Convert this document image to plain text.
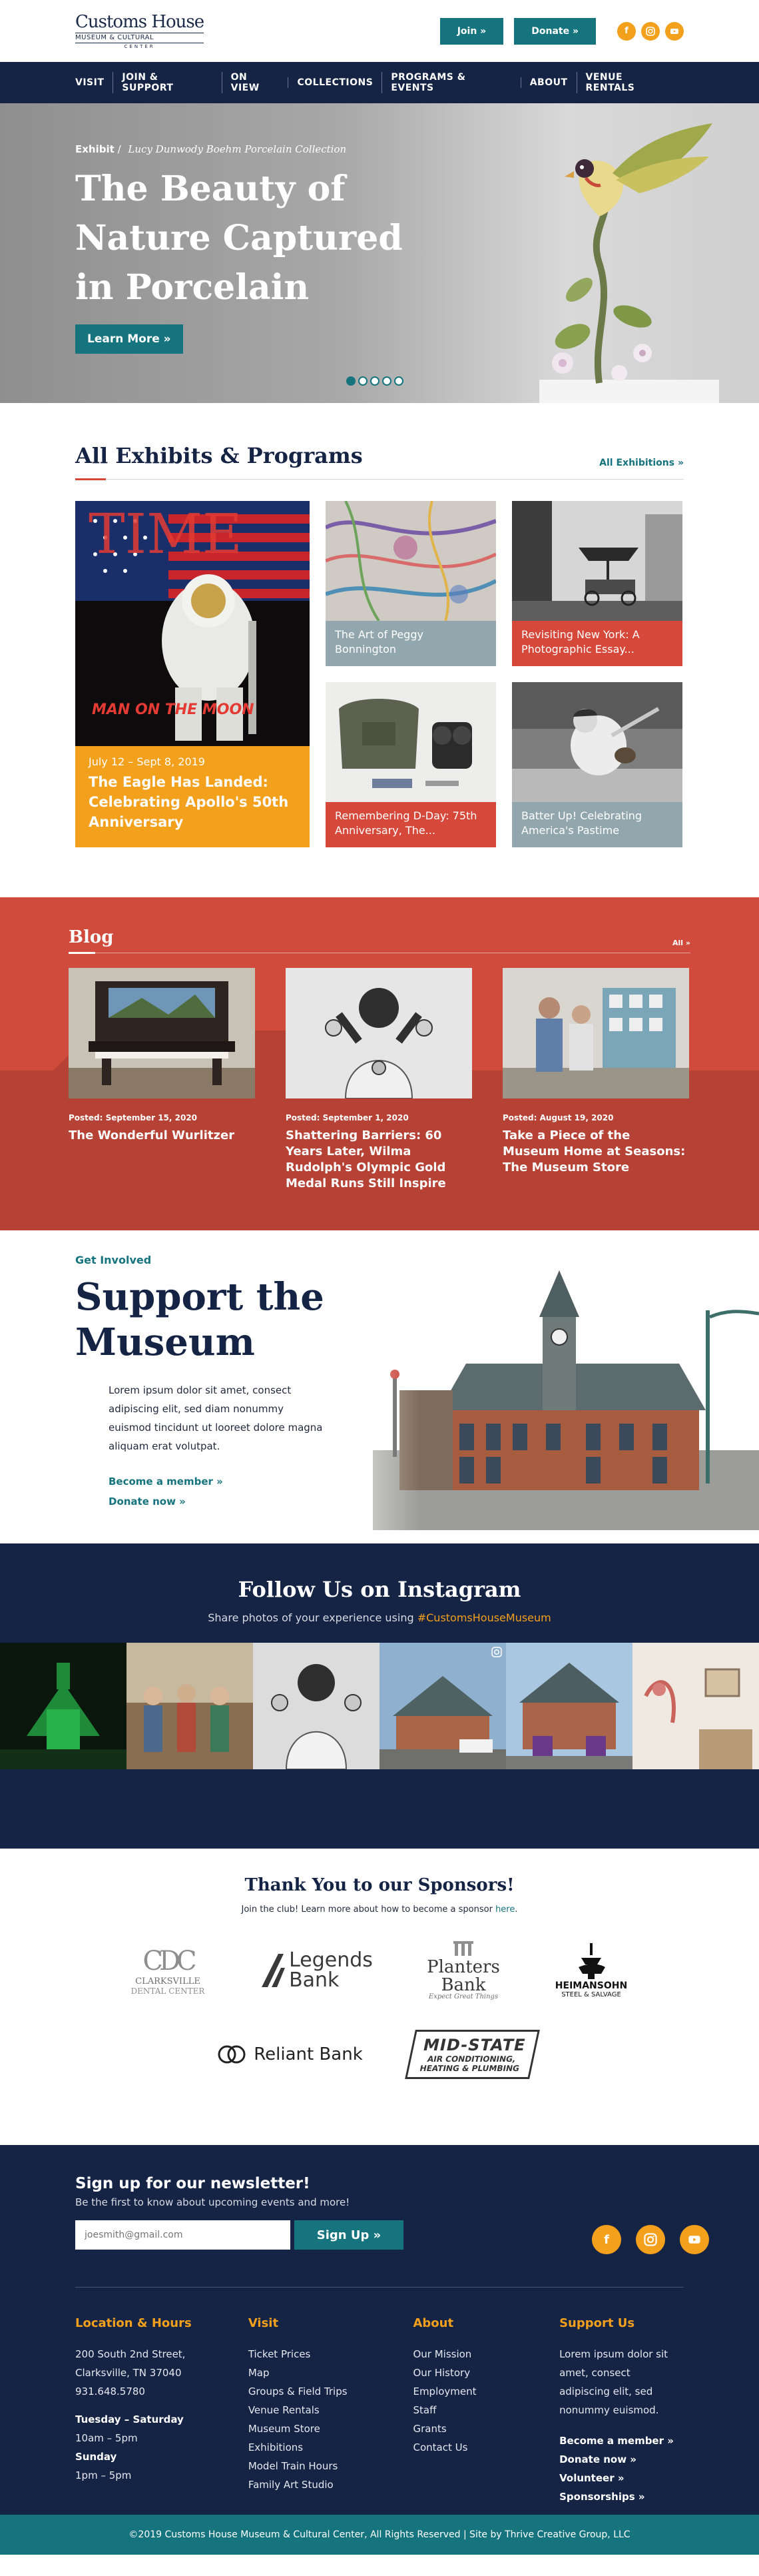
Customs House
MUSEUM & CULTURAL
CENTER
Join »	Donate »	f
VISIT	JOIN & SUPPORT
ON VIEW	COLLECTIONS	PROGRAMS & EVENTS	ABOUT	VENUE RENTALS
Exhibit / Lucy Dunwody Boehm Porcelain Collection
The Beauty of Nature Captured in Porcelain
Learn More »
All Exhibits & Programs	All Exhibitions »
TIME
MAN ON THE MOON
July 12 – Sept 8, 2019
The Eagle Has Landed: Celebrating Apollo's 50th Anniversary
The Art of Peggy Bonnington
Revisiting New York: A Photographic Essay...
Remembering D-Day: 75th Anniversary, The...
Batter Up! Celebrating America's Pastime
Blog	All »
Posted: September 15, 2020
The Wonderful Wurlitzer
Posted: September 1, 2020
Shattering Barriers: 60 Years Later, Wilma Rudolph's Olympic Gold Medal Runs Still Inspire
Posted: August 19, 2020
Take a Piece of the Museum Home at Seasons: The Museum Store
Get Involved
Support the Museum

Lorem ipsum dolor sit amet, consect adipiscing elit, sed diam nonummy euismod tincidunt ut looreet dolore magna aliquam erat volutpat.

Become a member »
Donate now »
Follow Us on Instagram

Share photos of your experience using #CustomsHouseMuseum

Thank You to our Sponsors!

Join the club! Learn more about how to become a sponsor here.

CDC
CLARKSVILLE
DENTAL CENTER
Legends
Bank
Planters
Bank
Expect Great Things
HEIMANSOHN
STEEL & SALVAGE
Reliant Bank	MID-STATE
AIR CONDITIONING,
HEATING & PLUMBING
Sign up for our newsletter!
Be the first to know about upcoming events and more!
joesmith@gmail.com
Sign Up »	f
Location & Hours
200 South 2nd Street,
Clarksville, TN 37040
931.648.5780
Tuesday – Saturday
10am – 5pm
Sunday
1pm – 5pm
Visit
Ticket Prices
Map
Groups & Field Trips
Venue Rentals
Museum Store
Exhibitions
Model Train Hours
Family Art Studio
About
Our Mission
Our History
Employment
Staff
Grants
Contact Us
Support Us
Lorem ipsum dolor sit amet, consect adipiscing elit, sed nonummy euismod.
Become a member »
Donate now »
Volunteer »
Sponsorships »
©2019 Customs House Museum & Cultural Center, All Rights Reserved | Site by Thrive Creative Group, LLC
